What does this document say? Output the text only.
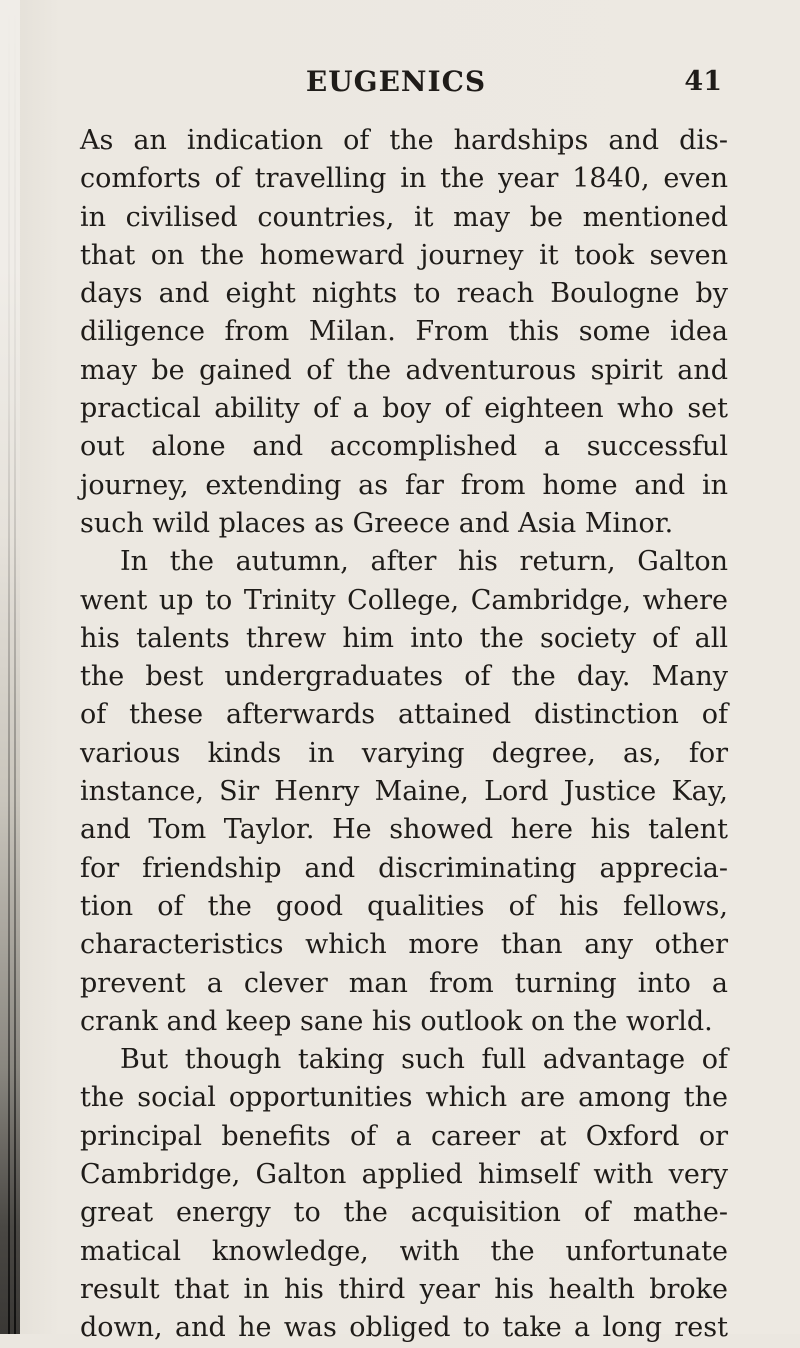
EUGENICS	41
As an indication of the hardships and dis-
comforts of travelling in the year 1840, even
in civilised countries, it may be mentioned
that on the homeward journey it took seven
days and eight nights to reach Boulogne by
diligence from Milan. From this some idea
may be gained of the adventurous spirit and
practical ability of a boy of eighteen who set
out alone and accomplished a successful
journey, extending as far from home and in
such wild places as Greece and Asia Minor.
In the autumn, after his return, Galton
went up to Trinity College, Cambridge, where
his talents threw him into the society of all
the best undergraduates of the day. Many
of these afterwards attained distinction of
various kinds in varying degree, as, for
instance, Sir Henry Maine, Lord Justice Kay,
and Tom Taylor. He showed here his talent
for friendship and discriminating apprecia-
tion of the good qualities of his fellows,
characteristics which more than any other
prevent a clever man from turning into a
crank and keep sane his outlook on the world.
But though taking such full advantage of
the social opportunities which are among the
principal benefits of a career at Oxford or
Cambridge, Galton applied himself with very
great energy to the acquisition of mathe-
matical knowledge, with the unfortunate
result that in his third year his health broke
down, and he was obliged to take a long rest
